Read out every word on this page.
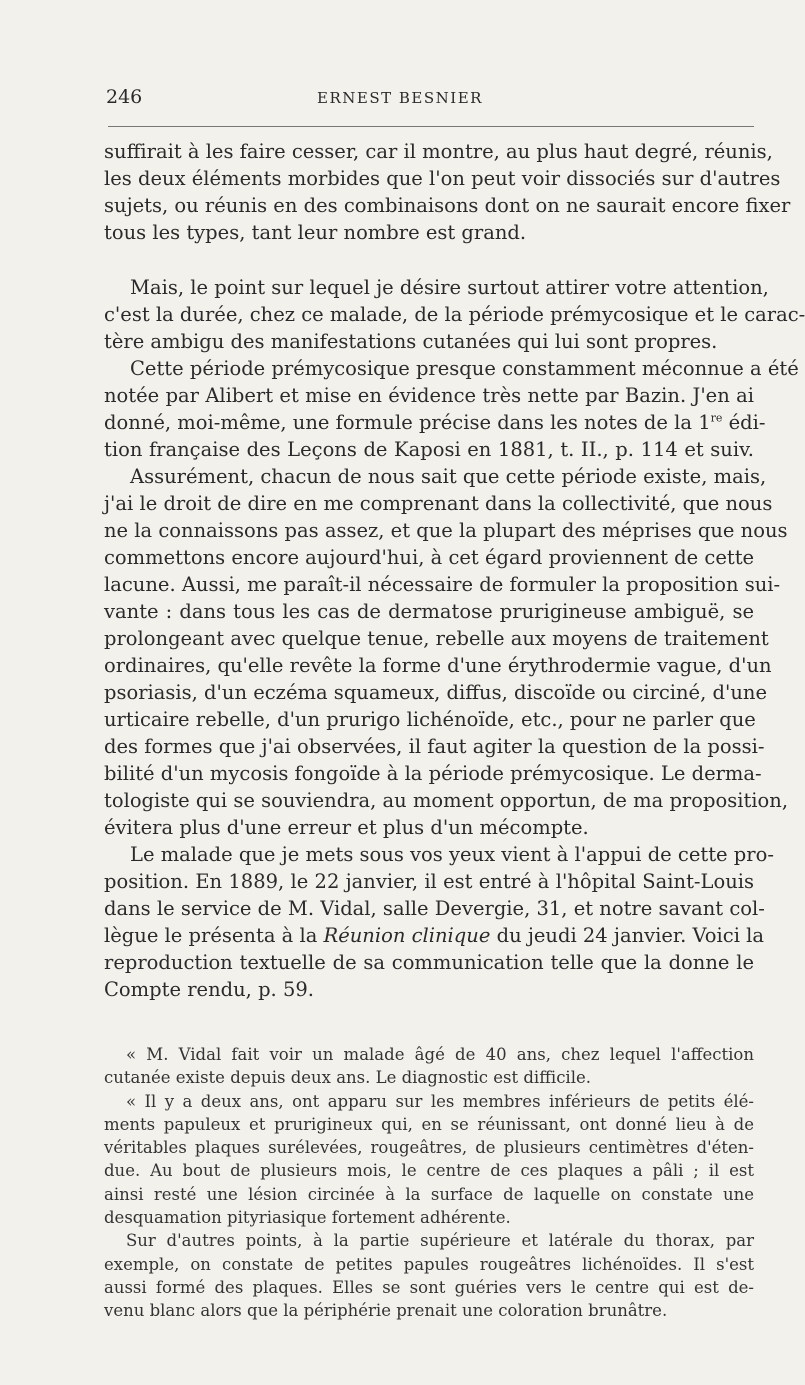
246	ERNEST BESNIER
suffirait à les faire cesser, car il montre, au plus haut degré, réunis,
les deux éléments morbides que l'on peut voir dissociés sur d'autres
sujets, ou réunis en des combinaisons dont on ne saurait encore fixer
tous les types, tant leur nombre est grand.
Mais, le point sur lequel je désire surtout attirer votre attention,
c'est la durée, chez ce malade, de la période prémycosique et le carac-
tère ambigu des manifestations cutanées qui lui sont propres.
Cette période prémycosique presque constamment méconnue a été
notée par Alibert et mise en évidence très nette par Bazin. J'en ai
donné, moi-même, une formule précise dans les notes de la 1re édi-
tion française des Leçons de Kaposi en 1881, t. II., p. 114 et suiv.
Assurément, chacun de nous sait que cette période existe, mais,
j'ai le droit de dire en me comprenant dans la collectivité, que nous
ne la connaissons pas assez, et que la plupart des méprises que nous
commettons encore aujourd'hui, à cet égard proviennent de cette
lacune. Aussi, me paraît-il nécessaire de formuler la proposition sui-
vante : dans tous les cas de dermatose prurigineuse ambiguë, se
prolongeant avec quelque tenue, rebelle aux moyens de traitement
ordinaires, qu'elle revête la forme d'une érythrodermie vague, d'un
psoriasis, d'un eczéma squameux, diffus, discoïde ou circiné, d'une
urticaire rebelle, d'un prurigo lichénoïde, etc., pour ne parler que
des formes que j'ai observées, il faut agiter la question de la possi-
bilité d'un mycosis fongoïde à la période prémycosique. Le derma-
tologiste qui se souviendra, au moment opportun, de ma proposition,
évitera plus d'une erreur et plus d'un mécompte.
Le malade que je mets sous vos yeux vient à l'appui de cette pro-
position. En 1889, le 22 janvier, il est entré à l'hôpital Saint-Louis
dans le service de M. Vidal, salle Devergie, 31, et notre savant col-
lègue le présenta à la Réunion clinique du jeudi 24 janvier. Voici la
reproduction textuelle de sa communication telle que la donne le
Compte rendu, p. 59.
« M. Vidal fait voir un malade âgé de 40 ans, chez lequel l'affection
cutanée existe depuis deux ans. Le diagnostic est difficile.
« Il y a deux ans, ont apparu sur les membres inférieurs de petits élé-
ments papuleux et prurigineux qui, en se réunissant, ont donné lieu à de
véritables plaques surélevées, rougeâtres, de plusieurs centimètres d'éten-
due. Au bout de plusieurs mois, le centre de ces plaques a pâli ; il est
ainsi resté une lésion circinée à la surface de laquelle on constate une
desquamation pityriasique fortement adhérente.
Sur d'autres points, à la partie supérieure et latérale du thorax, par
exemple, on constate de petites papules rougeâtres lichénoïdes. Il s'est
aussi formé des plaques. Elles se sont guéries vers le centre qui est de-
venu blanc alors que la périphérie prenait une coloration brunâtre.
